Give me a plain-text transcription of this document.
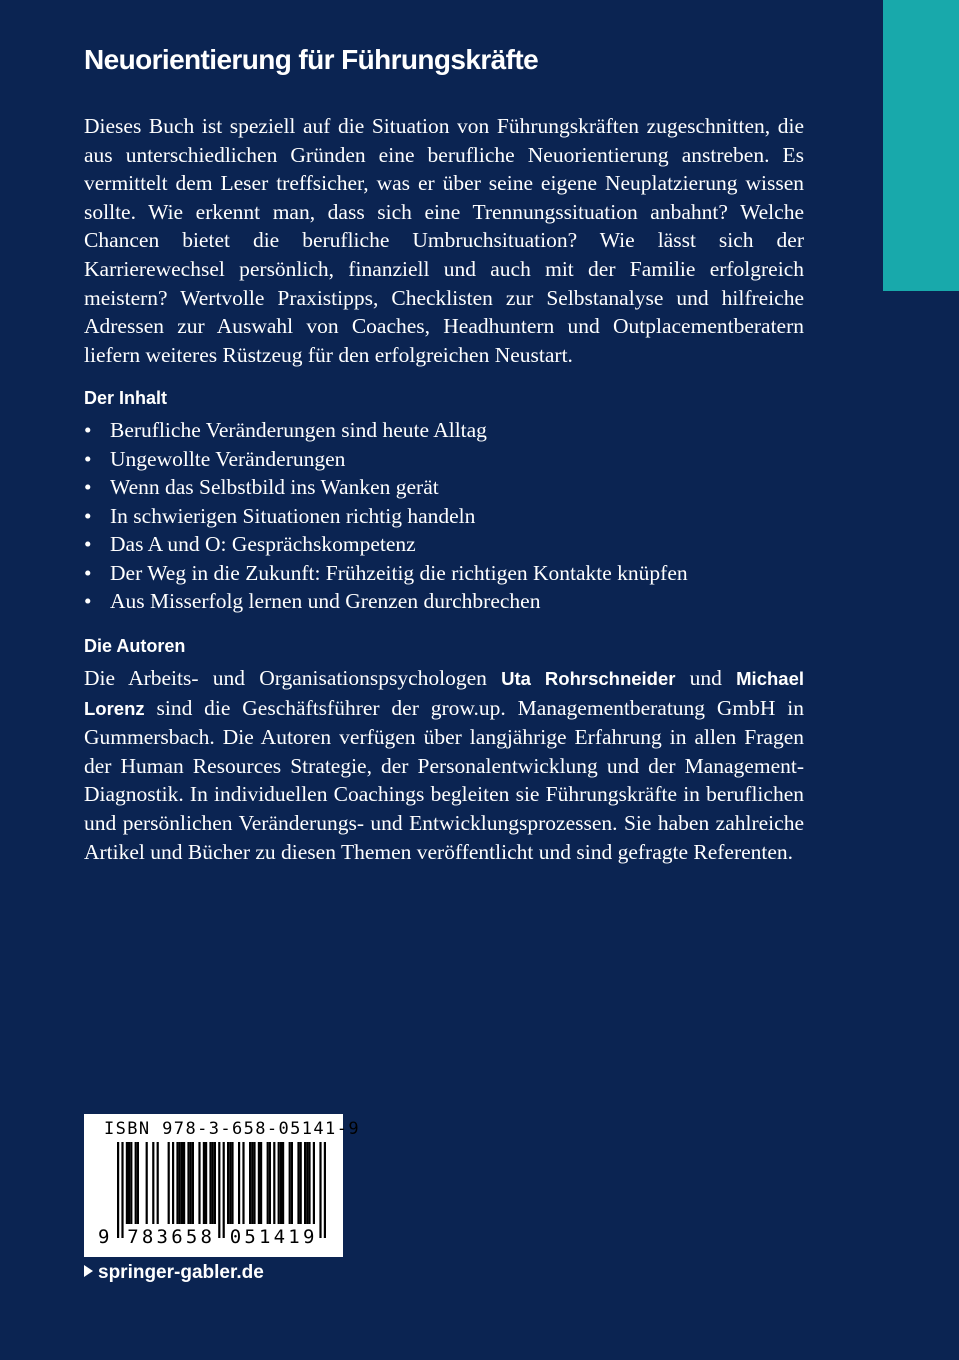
Neuorientierung für Führungskräfte

Dieses Buch ist speziell auf die Situation von Führungskräften zugeschnitten, die aus unterschiedlichen Gründen eine berufliche Neuorientierung anstreben. Es vermittelt dem Leser treffsicher, was er über seine eigene Neuplatzierung wissen sollte. Wie erkennt man, dass sich eine Trennungssituation anbahnt? Welche Chancen bietet die berufliche Umbruchsituation? Wie lässt sich der Karrierewechsel persönlich, finanziell und auch mit der Familie erfolgreich meistern? Wertvolle Praxistipps, Checklisten zur Selbstanalyse und hilfreiche Adressen zur Auswahl von Coaches, Headhuntern und Outplacementberatern liefern weiteres Rüstzeug für den erfolgreichen Neustart.

Der Inhalt
• Berufliche Veränderungen sind heute Alltag
• Ungewollte Veränderungen
• Wenn das Selbstbild ins Wanken gerät
• In schwierigen Situationen richtig handeln
• Das A und O: Gesprächskompetenz
• Der Weg in die Zukunft: Frühzeitig die richtigen Kontakte knüpfen
• Aus Misserfolg lernen und Grenzen durchbrechen
Die Autoren

Die Arbeits- und Organisationspsychologen Uta Rohrschneider und Michael Lorenz sind die Geschäftsführer der grow.up. Managementberatung GmbH in Gummersbach. Die Autoren verfügen über langjährige Erfahrung in allen Fragen der Human Resources Strategie, der Personalentwicklung und der Management-Diagnostik. In individuellen Coachings begleiten sie Führungskräfte in beruflichen und persönlichen Veränderungs- und Entwicklungsprozessen. Sie haben zahlreiche Artikel und Bücher zu diesen Themen veröffentlicht und sind gefragte Referenten.

ISBN 978-3-658-05141-9
9 783658 051419
springer-gabler.de
